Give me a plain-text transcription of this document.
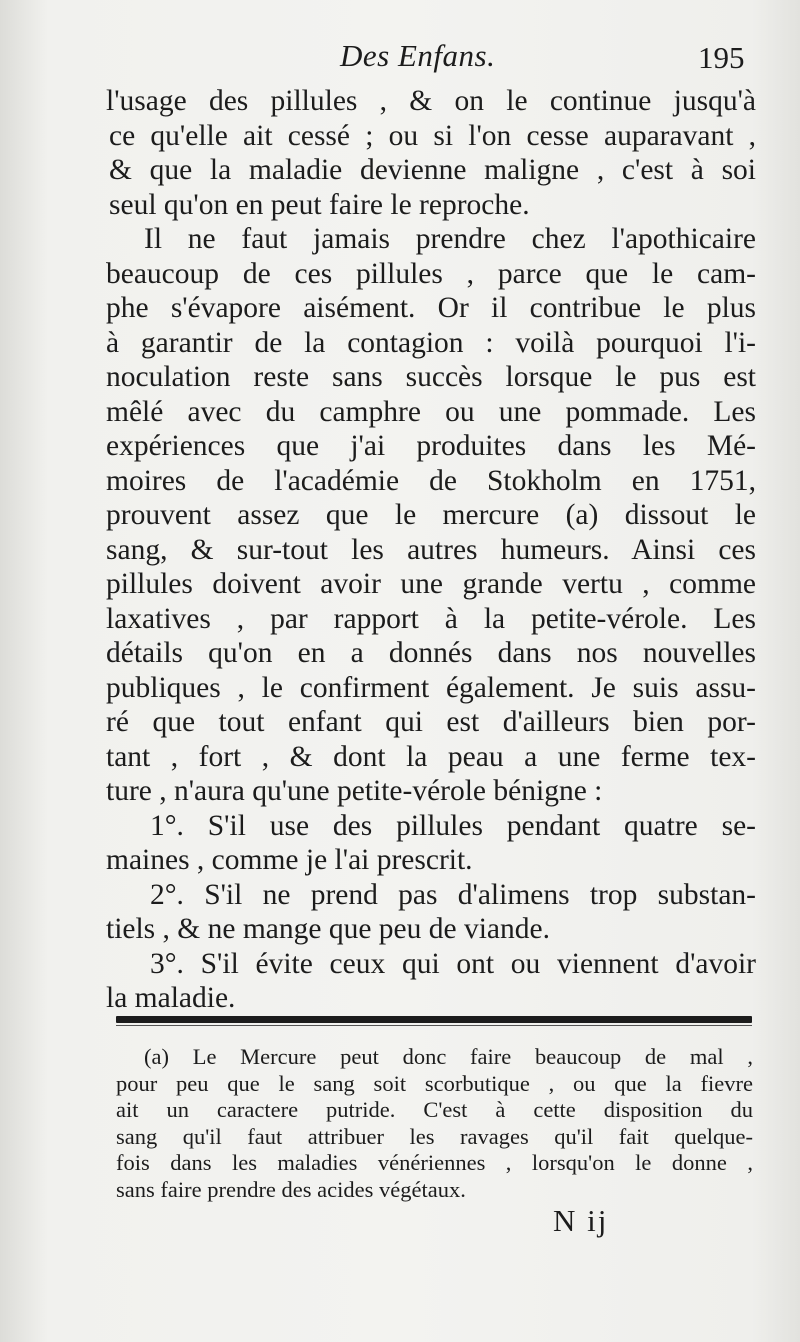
Des Enfans.	195
l'usage des pillules , & on le continue jusqu'à
ce qu'elle ait cessé ; ou si l'on cesse auparavant ,
& que la maladie devienne maligne , c'est à soi
seul qu'on en peut faire le reproche.
Il ne faut jamais prendre chez l'apothicaire
beaucoup de ces pillules , parce que le cam-
phe s'évapore aisément. Or il contribue le plus
à garantir de la contagion : voilà pourquoi l'i-
noculation reste sans succès lorsque le pus est
mêlé avec du camphre ou une pommade. Les
expériences que j'ai produites dans les Mé-
moires de l'académie de Stokholm en 1751,
prouvent assez que le mercure (a) dissout le
sang, & sur-tout les autres humeurs. Ainsi ces
pillules doivent avoir une grande vertu , comme
laxatives , par rapport à la petite-vérole. Les
détails qu'on en a donnés dans nos nouvelles
publiques , le confirment également. Je suis assu-
ré que tout enfant qui est d'ailleurs bien por-
tant , fort , & dont la peau a une ferme tex-
ture , n'aura qu'une petite-vérole bénigne :
1°. S'il use des pillules pendant quatre se-
maines , comme je l'ai prescrit.
2°. S'il ne prend pas d'alimens trop substan-
tiels , & ne mange que peu de viande.
3°. S'il évite ceux qui ont ou viennent d'avoir
la maladie.
(a) Le Mercure peut donc faire beaucoup de mal ,
pour peu que le sang soit scorbutique , ou que la fievre
ait un caractere putride. C'est à cette disposition du
sang qu'il faut attribuer les ravages qu'il fait quelque-
fois dans les maladies vénériennes , lorsqu'on le donne ,
sans faire prendre des acides végétaux.
N ij
